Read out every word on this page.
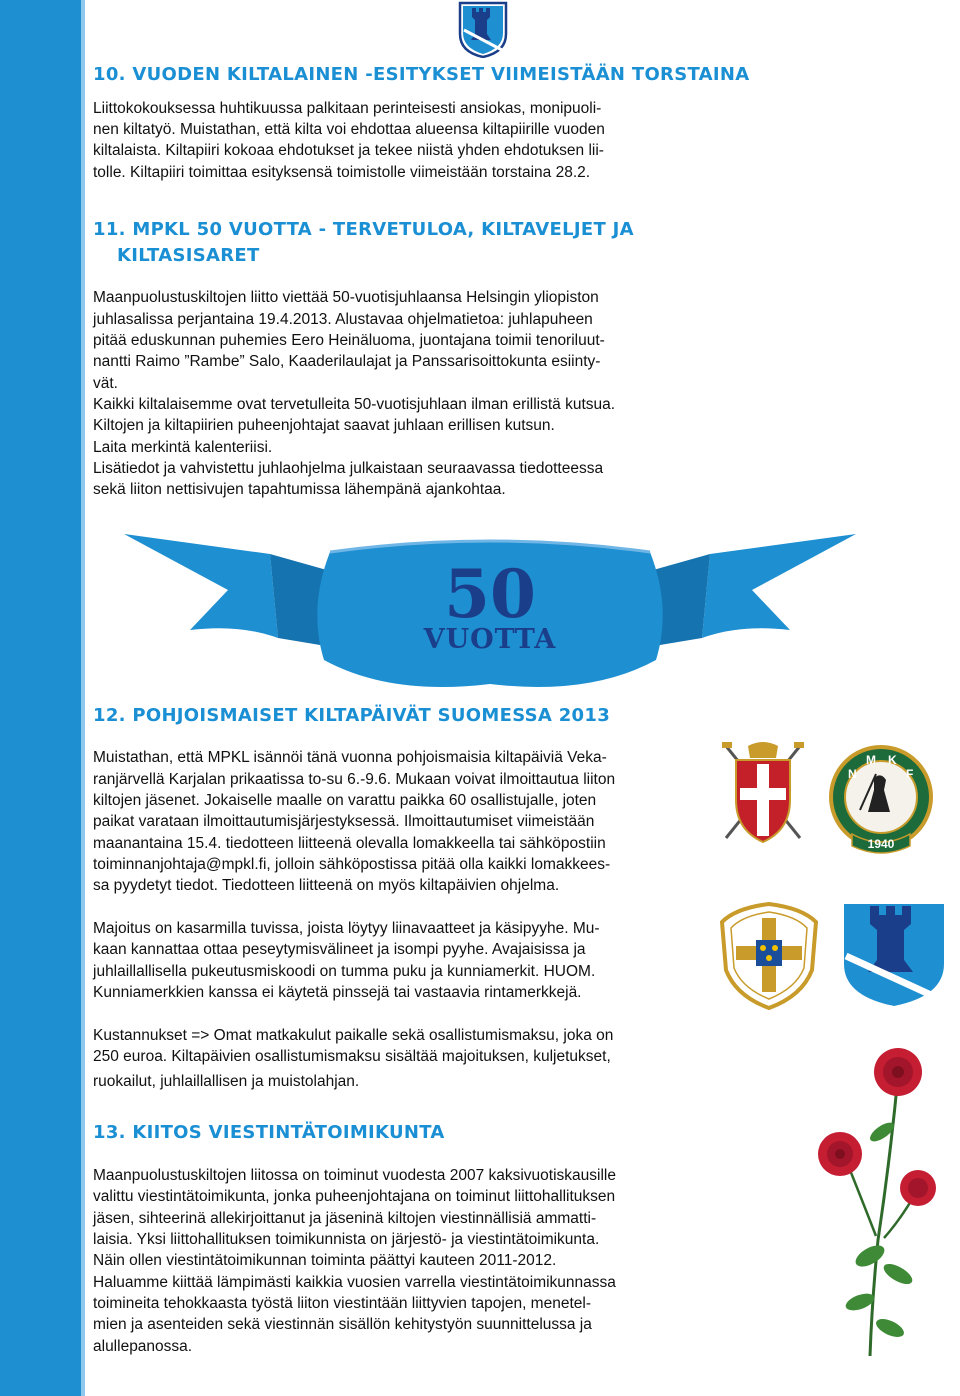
10. VUODEN KILTALAINEN -ESITYKSET VIIMEISTÄÄN TORSTAINA

Liittokokouksessa huhtikuussa palkitaan perinteisesti ansiokas, monipuoli-

nen kiltatyö. Muistathan, että kilta voi ehdottaa alueensa kiltapiirille vuoden

kiltalaista. Kiltapiiri kokoaa ehdotukset ja tekee niistä yhden ehdotuksen lii-

tolle. Kiltapiiri toimittaa esityksensä toimistolle viimeistään torstaina 28.2.

11. MPKL 50 VUOTTA - TERVETULOA, KILTAVELJET JA
KILTASISARET

Maanpuolustuskiltojen liitto viettää 50-vuotisjuhlaansa Helsingin yliopiston

juhlasalissa perjantaina 19.4.2013. Alustavaa ohjelmatietoa: juhlapuheen

pitää eduskunnan puhemies Eero Heinäluoma, juontajana toimii tenoriluut-

nantti Raimo ”Rambe” Salo, Kaaderilaulajat ja Panssarisoittokunta esiinty-

vät.

Kaikki kiltalaisemme ovat tervetulleita 50-vuotisjuhlaan ilman erillistä kutsua.

Kiltojen ja kiltapiirien puheenjohtajat saavat juhlaan erillisen kutsun.

Laita merkintä kalenteriisi.

Lisätiedot ja vahvistettu juhlaohjelma julkaistaan seuraavassa tiedotteessa

sekä liiton nettisivujen tapahtumissa lähempänä ajankohtaa.

50
VUOTTA
12. POHJOISMAISET KILTAPÄIVÄT SUOMESSA 2013

Muistathan, että MPKL isännöi tänä vuonna pohjoismaisia kiltapäiviä Veka-

ranjärvellä Karjalan prikaatissa to-su 6.-9.6. Mukaan voivat ilmoittautua liiton

kiltojen jäsenet. Jokaiselle maalle on varattu paikka 60 osallistujalle, joten

paikat varataan ilmoittautumisjärjestyksessä. Ilmoittautumiset viimeistään

maanantaina 15.4. tiedotteen liitteenä olevalla lomakkeella tai sähköpostiin

toiminnanjohtaja@mpkl.fi, jolloin sähköpostissa pitää olla kaikki lomakkees-

sa pyydetyt tiedot. Tiedotteen liitteenä on myös kiltapäivien ohjelma.

Majoitus on kasarmilla tuvissa, joista löytyy liinavaatteet ja käsipyyhe. Mu-

kaan kannattaa ottaa peseytymisvälineet ja isompi pyyhe. Avajaisissa ja

juhlaillallisella pukeutusmiskoodi on tumma puku ja kunniamerkit. HUOM.

Kunniamerkkien kanssa ei käytetä pinssejä tai vastaavia rintamerkkejä.

Kustannukset => Omat matkakulut paikalle sekä osallistumismaksu, joka on

250 euroa. Kiltapäivien osallistumismaksu sisältää majoituksen, kuljetukset,

ruokailut, juhlaillallisen ja muistolahjan.

N
M K
F
1940
13. KIITOS VIESTINTÄTOIMIKUNTA

Maanpuolustuskiltojen liitossa on toiminut vuodesta 2007 kaksivuotiskausille

valittu viestintätoimikunta, jonka puheenjohtajana on toiminut liittohallituksen

jäsen, sihteerinä allekirjoittanut ja jäseninä kiltojen viestinnällisiä ammatti-

laisia. Yksi liittohallituksen toimikunnista on järjestö- ja viestintätoimikunta.

Näin ollen viestintätoimikunnan toiminta päättyi kauteen 2011-2012.

Haluamme kiittää lämpimästi kaikkia vuosien varrella viestintätoimikunnassa

toimineita tehokkaasta työstä liiton viestintään liittyvien tapojen, menetel-

mien ja asenteiden sekä viestinnän sisällön kehitystyön suunnittelussa ja

alullepanossa.
